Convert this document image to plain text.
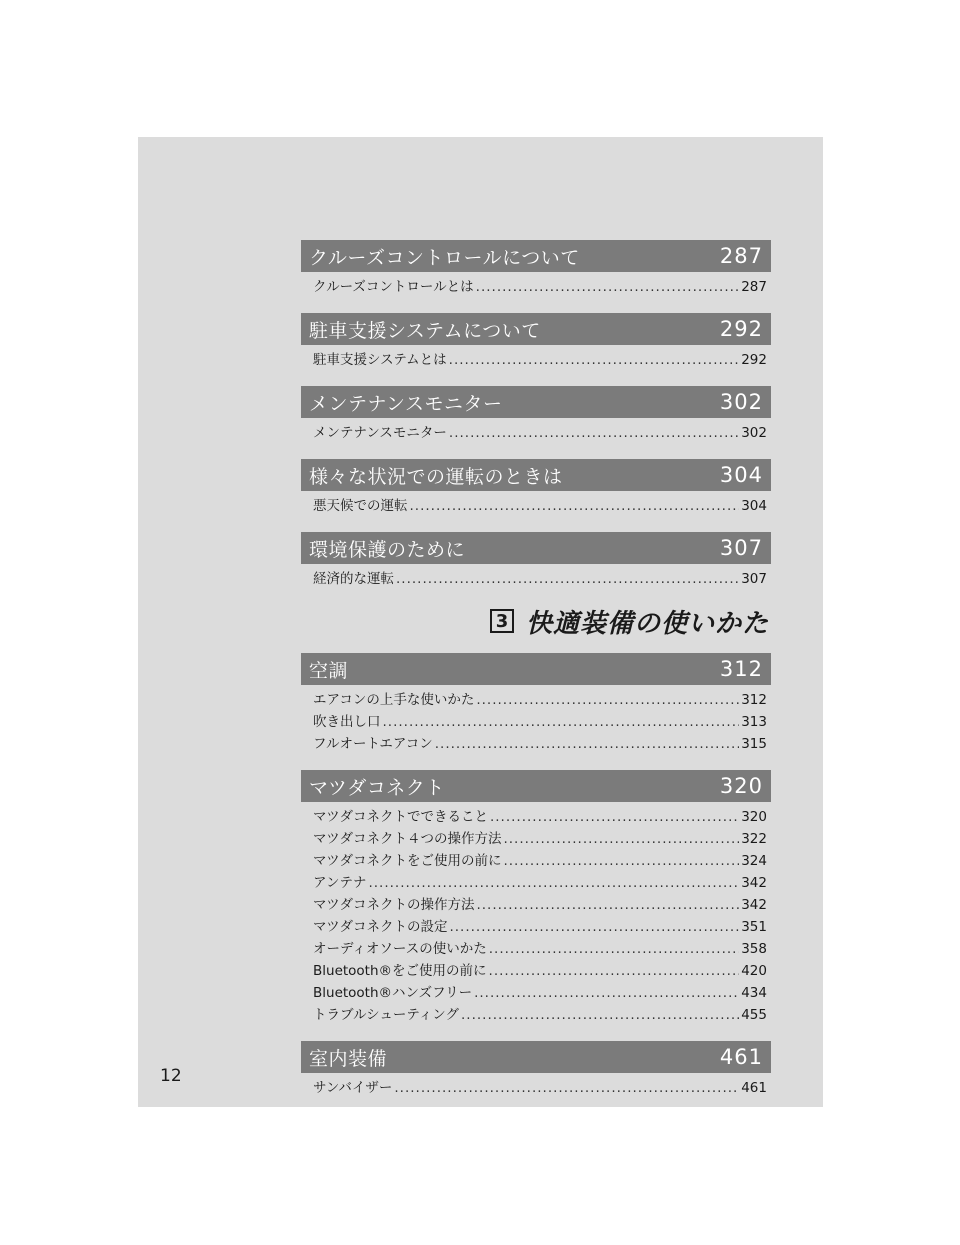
クルーズコントロールについて	287
クルーズコントロールとは .....	287
駐車支援システムについて	292
駐車支援システムとは .....	292
メンテナンスモニター	302
メンテナンスモニター .....	302
様々な状況での運転のときは	304
悪天候での運転 .....	304
環境保護のために	307
経済的な運転 .....	307
3 快適装備の使いかた
空調	312
エアコンの上手な使いかた .....	312
吹き出し口 .....	313
フルオートエアコン .....	315
マツダコネクト	320
マツダコネクトでできること .....	320
マツダコネクト４つの操作方法 .....	322
マツダコネクトをご使用の前に .....	324
アンテナ .....	342
マツダコネクトの操作方法 .....	342
マツダコネクトの設定 .....	351
オーディオソースの使いかた .....	358
Bluetooth®をご使用の前に .....	420
Bluetooth®ハンズフリー .....	434
トラブルシューティング .....	455
室内装備	461
サンバイザー .....	461
12
